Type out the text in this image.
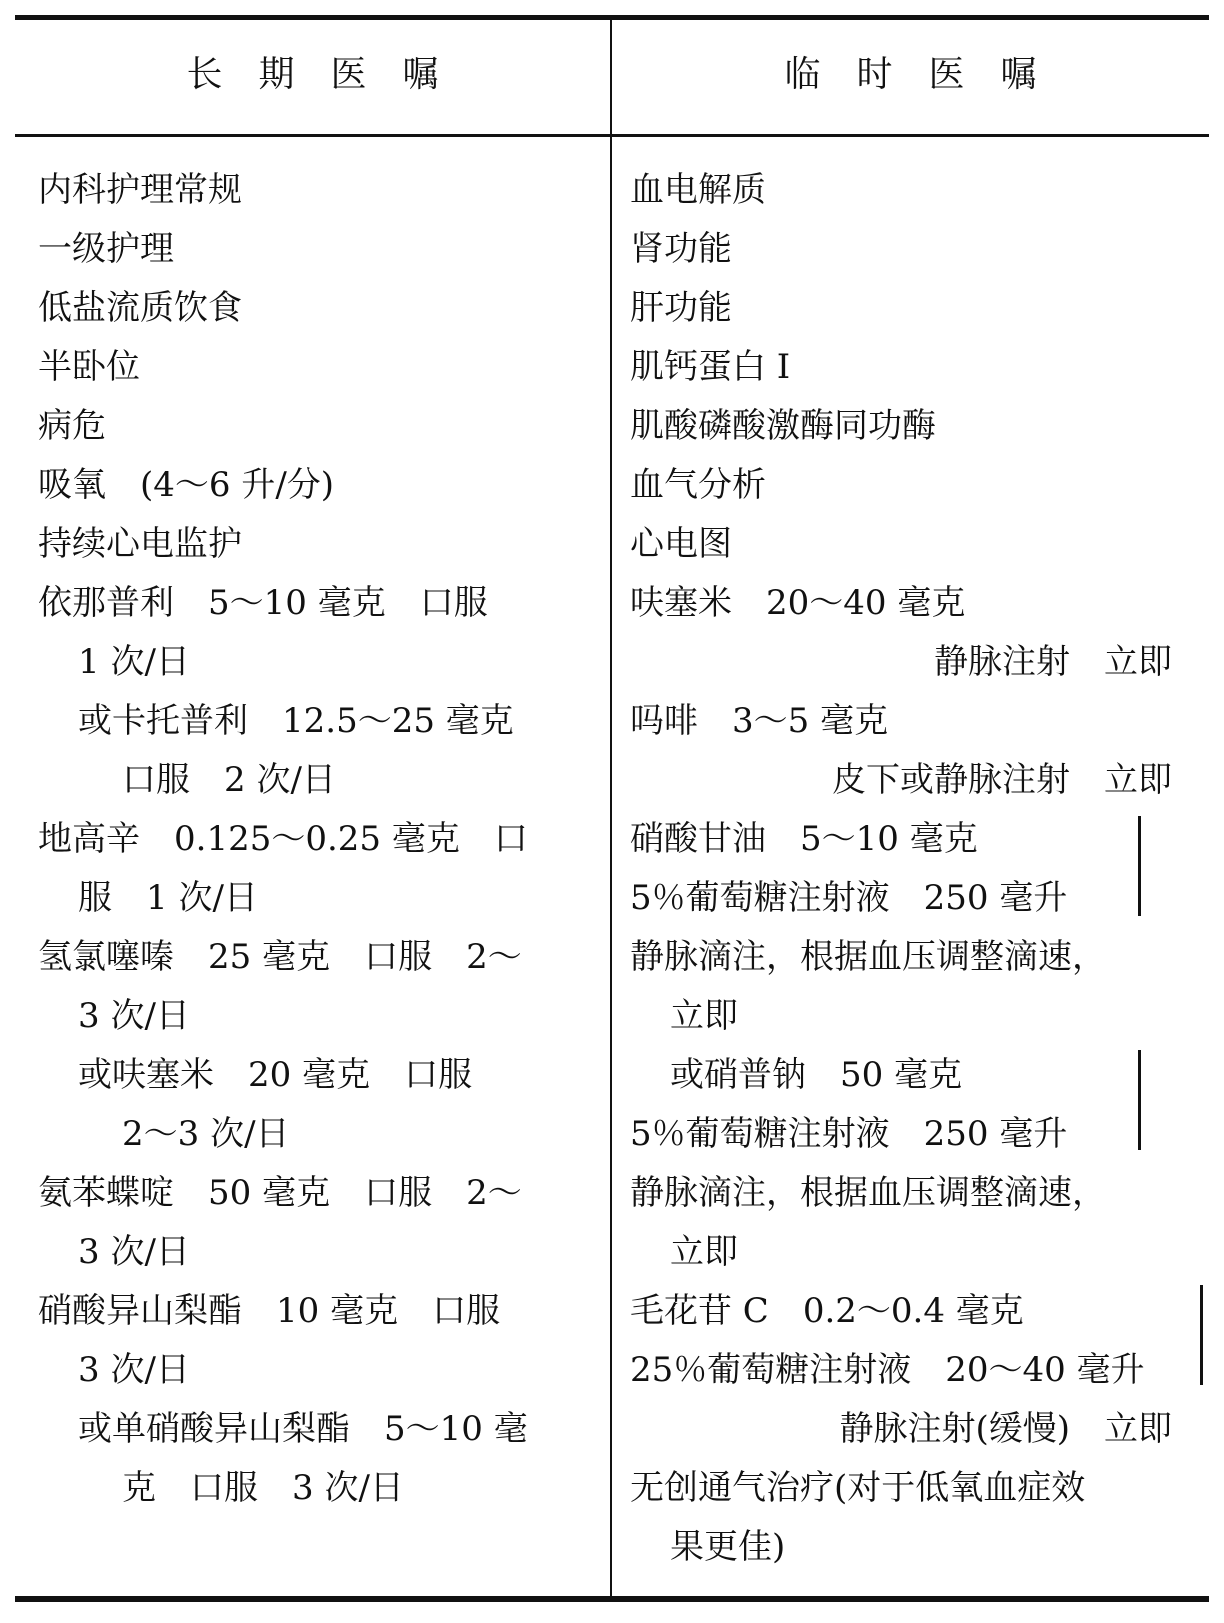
长　期　医　嘱	临　时　医　嘱
内科护理常规
一级护理
低盐流质饮食
半卧位
病危
吸氧　(4～6 升/分)
持续心电监护
依那普利　5～10 毫克　口服
1 次/日
或卡托普利　12.5～25 毫克
口服　2 次/日
地高辛　0.125～0.25 毫克　口
服　1 次/日
氢氯噻嗪　25 毫克　口服　2～
3 次/日
或呋塞米　20 毫克　口服
2～3 次/日
氨苯蝶啶　50 毫克　口服　2～
3 次/日
硝酸异山梨酯　10 毫克　口服
3 次/日
或单硝酸异山梨酯　5～10 毫
克　口服　3 次/日
血电解质
肾功能
肝功能
肌钙蛋白 I
肌酸磷酸激酶同功酶
血气分析
心电图
呋塞米　20～40 毫克
静脉注射　立即
吗啡　3～5 毫克
皮下或静脉注射　立即
硝酸甘油　5～10 毫克
5％葡萄糖注射液　250 毫升
静脉滴注，根据血压调整滴速，
立即
或硝普钠　50 毫克
5％葡萄糖注射液　250 毫升
静脉滴注，根据血压调整滴速，
立即
毛花苷 C　0.2～0.4 毫克
25％葡萄糖注射液　20～40 毫升
静脉注射(缓慢)　立即
无创通气治疗(对于低氧血症效
果更佳)
